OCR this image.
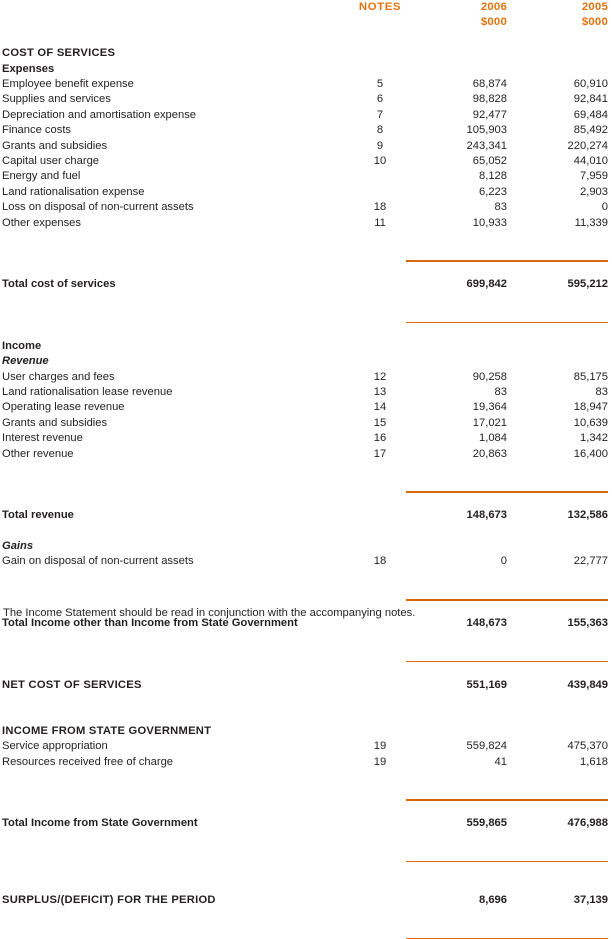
	NOTES	2006	2005
		$000	$000

COST OF SERVICES			
Expenses			
Employee benefit expense	5	68,874	60,910
Supplies and services	6	98,828	92,841
Depreciation and amortisation expense	7	92,477	69,484
Finance costs	8	105,903	85,492
Grants and subsidies	9	243,341	220,274
Capital user charge	10	65,052	44,010
Energy and fuel		8,128	7,959
Land rationalisation expense		6,223	2,903
Loss on disposal of non-current assets	18	83	0
Other expenses	11	10,933	11,339

Total cost of services		699,842	595,212

Income			
Revenue			
User charges and fees	12	90,258	85,175
Land rationalisation lease revenue	13	83	83
Operating lease revenue	14	19,364	18,947
Grants and subsidies	15	17,021	10,639
Interest revenue	16	1,084	1,342
Other revenue	17	20,863	16,400

Total revenue		148,673	132,586

Gains			
Gain on disposal of non-current assets	18	0	22,777

Total Income other than Income from State Government		148,673	155,363

NET COST OF SERVICES		551,169	439,849

INCOME FROM STATE GOVERNMENT			
Service appropriation	19	559,824	475,370
Resources received free of charge	19	41	1,618

Total Income from State Government		559,865	476,988

SURPLUS/(DEFICIT) FOR THE PERIOD		8,696	37,139

The Income Statement should be read in conjunction with the accompanying notes.
